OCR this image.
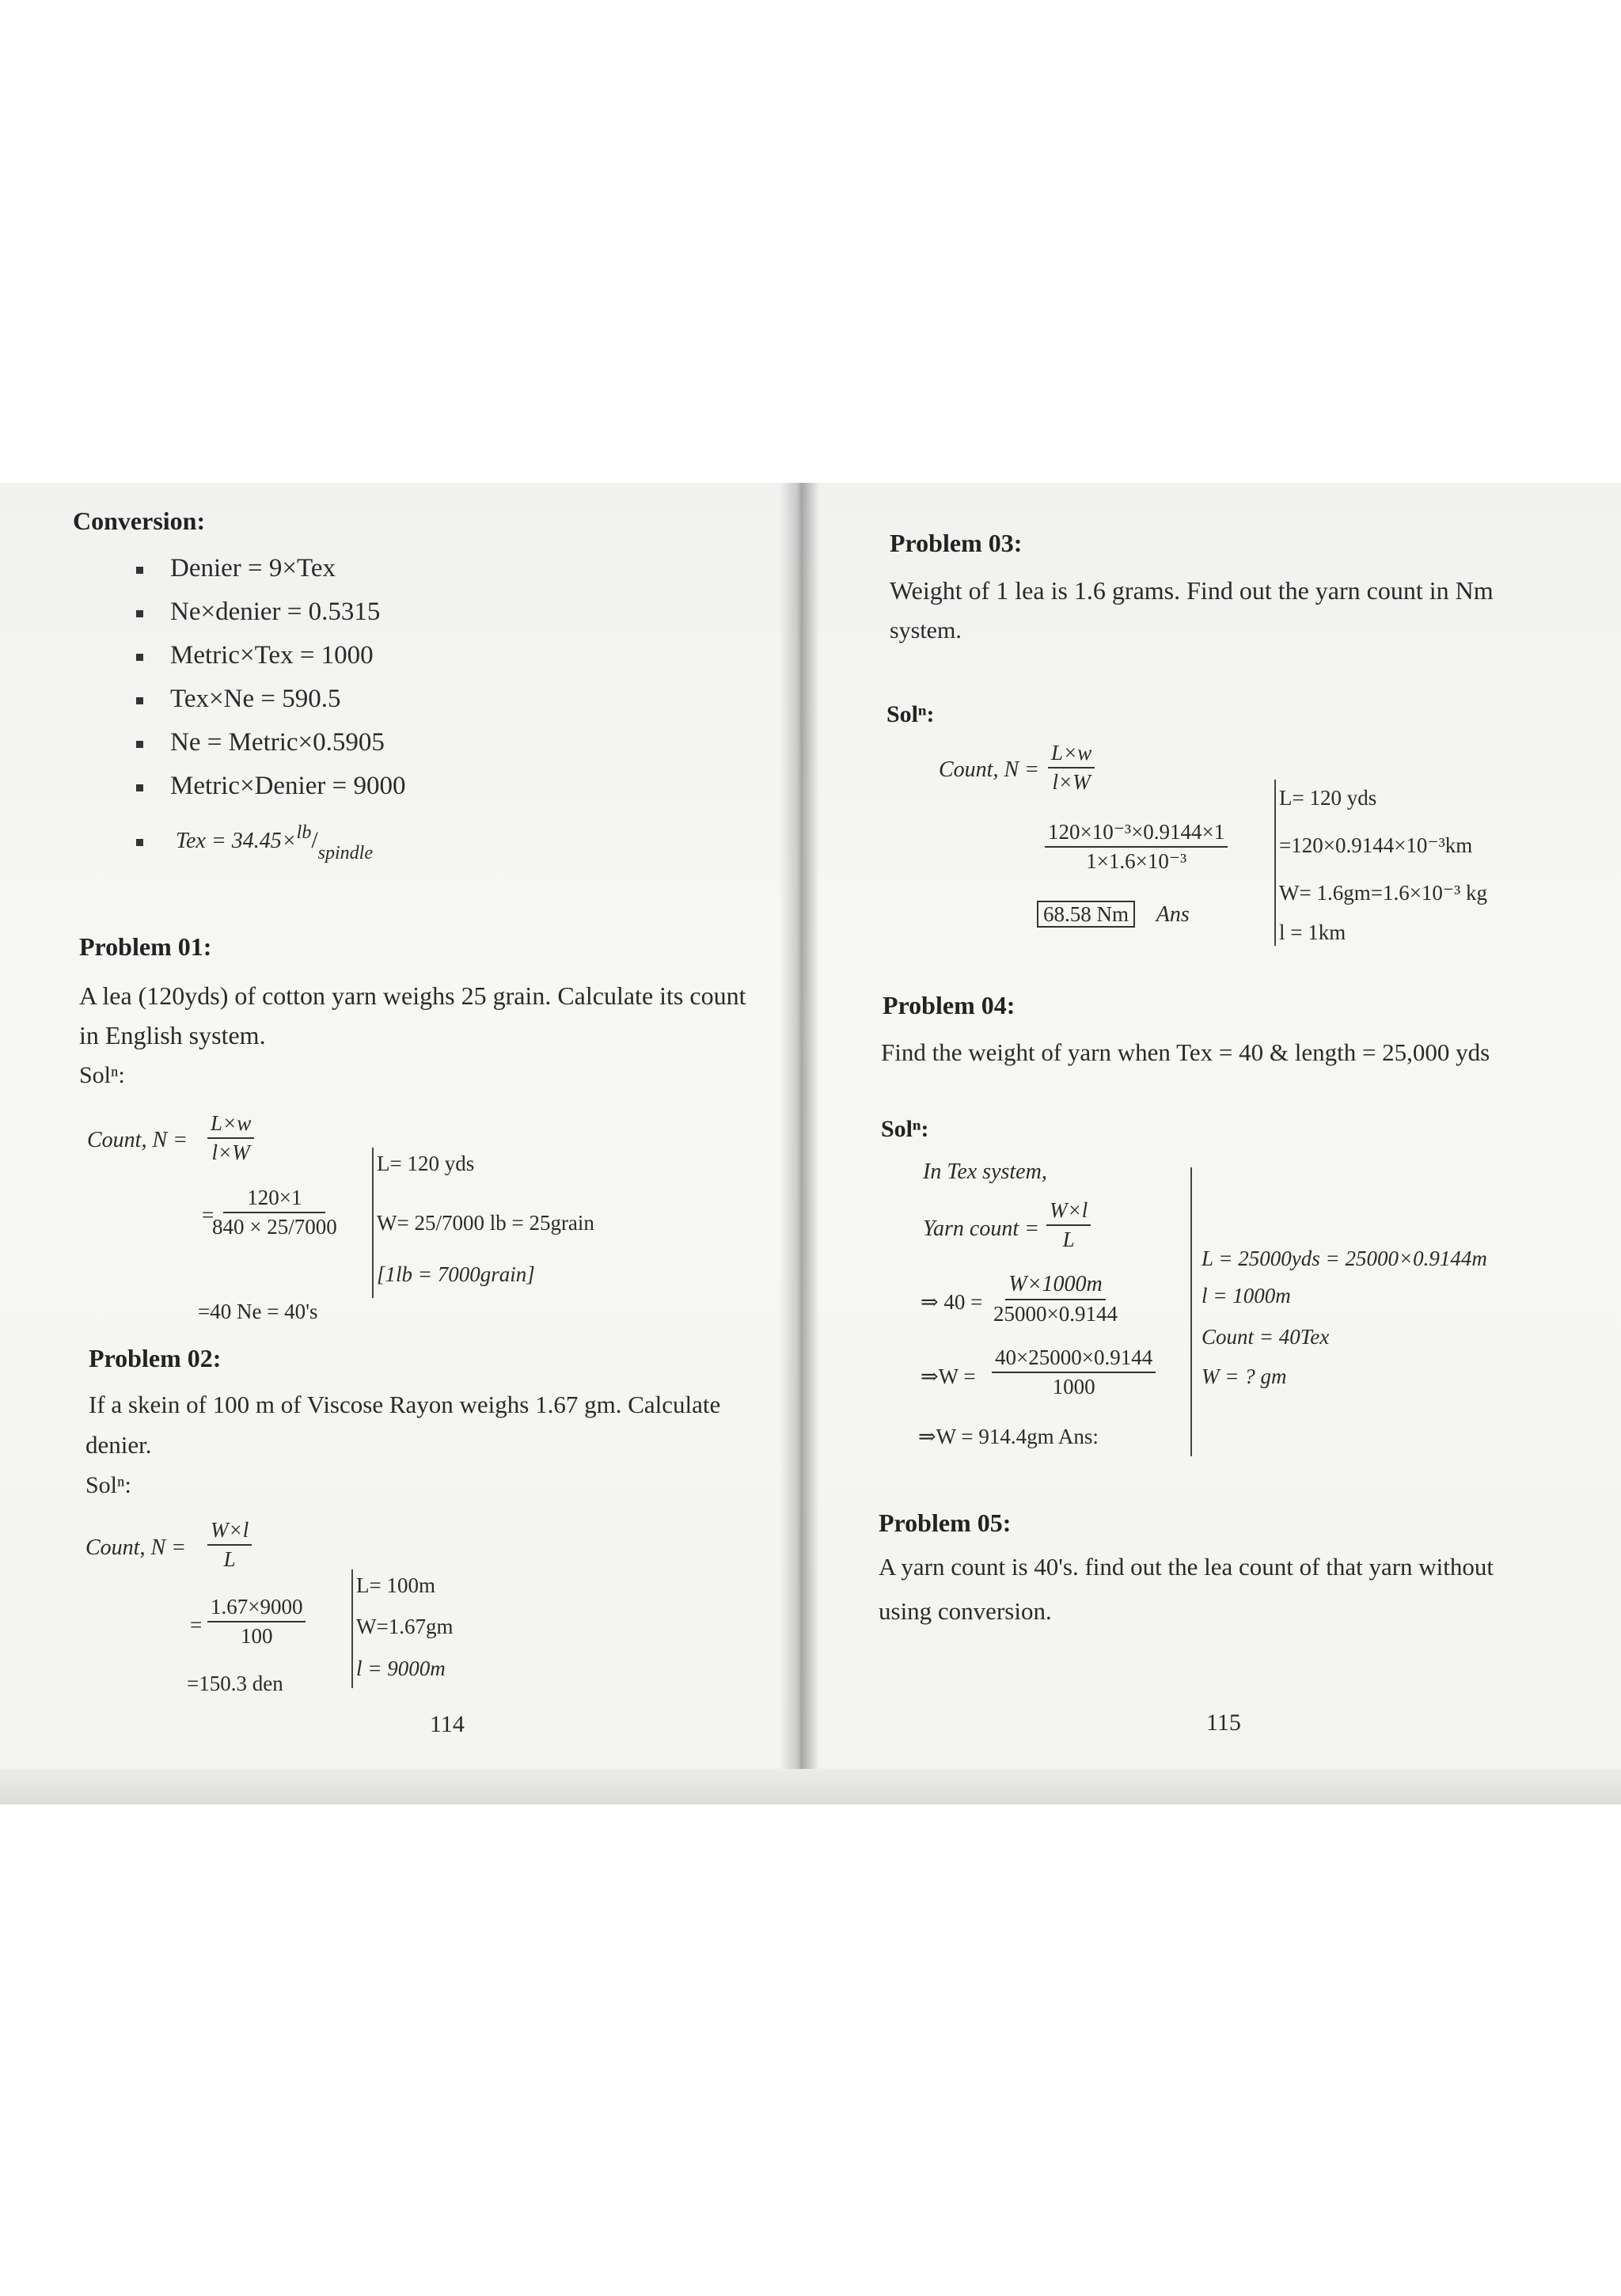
Conversion:
Denier = 9×Tex
Ne×denier = 0.5315
Metric×Tex = 1000
Tex×Ne = 590.5
Ne = Metric×0.5905
Metric×Denier = 9000
Tex = $34.45\times^{lb}/_{spindle}$
Problem 01:
A lea (120yds) of cotton yarn weighs 25 grain. Calculate its count
in English system.
Solⁿ:
Count, $N = \frac{L\times w}{l\times W}$
=
$\frac{120\times 1}{840 \times 25/7000}$
=40 Ne = 40's
L= 120 yds
W= 25/7000 lb = 25grain
[1lb = 7000grain]
Problem 02:
If a skein of 100 m of Viscose Rayon weighs 1.67 gm. Calculate
denier.
Solⁿ:
Count, $N = \frac{W\times l}{L}$
= $\frac{1.67\times 9000}{100}$
=150.3 den
L= 100m
W=1.67gm
l = 9000m
114
Problem 03:
Weight of 1 lea is 1.6 grams. Find out the yarn count in Nm
system.
Solⁿ:
Count, $N = \frac{L\times w}{l\times W}$
$\frac{\text{120×10⁻³×0.9144×1}}{\text{1×1.6×10⁻³}}$
68.58 Nm Ans
L= 120 yds
=120×0.9144×10⁻³km
W= 1.6gm=1.6×10⁻³ kg
l = 1km
Problem 04:
Find the weight of yarn when Tex = 40 & length = 25,000 yds
Solⁿ:
In Tex system,
Yarn count = $\frac{W\times l}{L}$
⇒ $40 = \frac{W\times 1000m}{25000\times 0.9144}$
⇒W = $\frac{40\times 25000\times 0.9144}{1000}$
⇒W = 914.4gm Ans:
L = 25000yds = 25000×0.9144m
l = 1000m
Count = 40Tex
W = ? gm
Problem 05:
A yarn count is 40's. find out the lea count of that yarn without
using conversion.
115
